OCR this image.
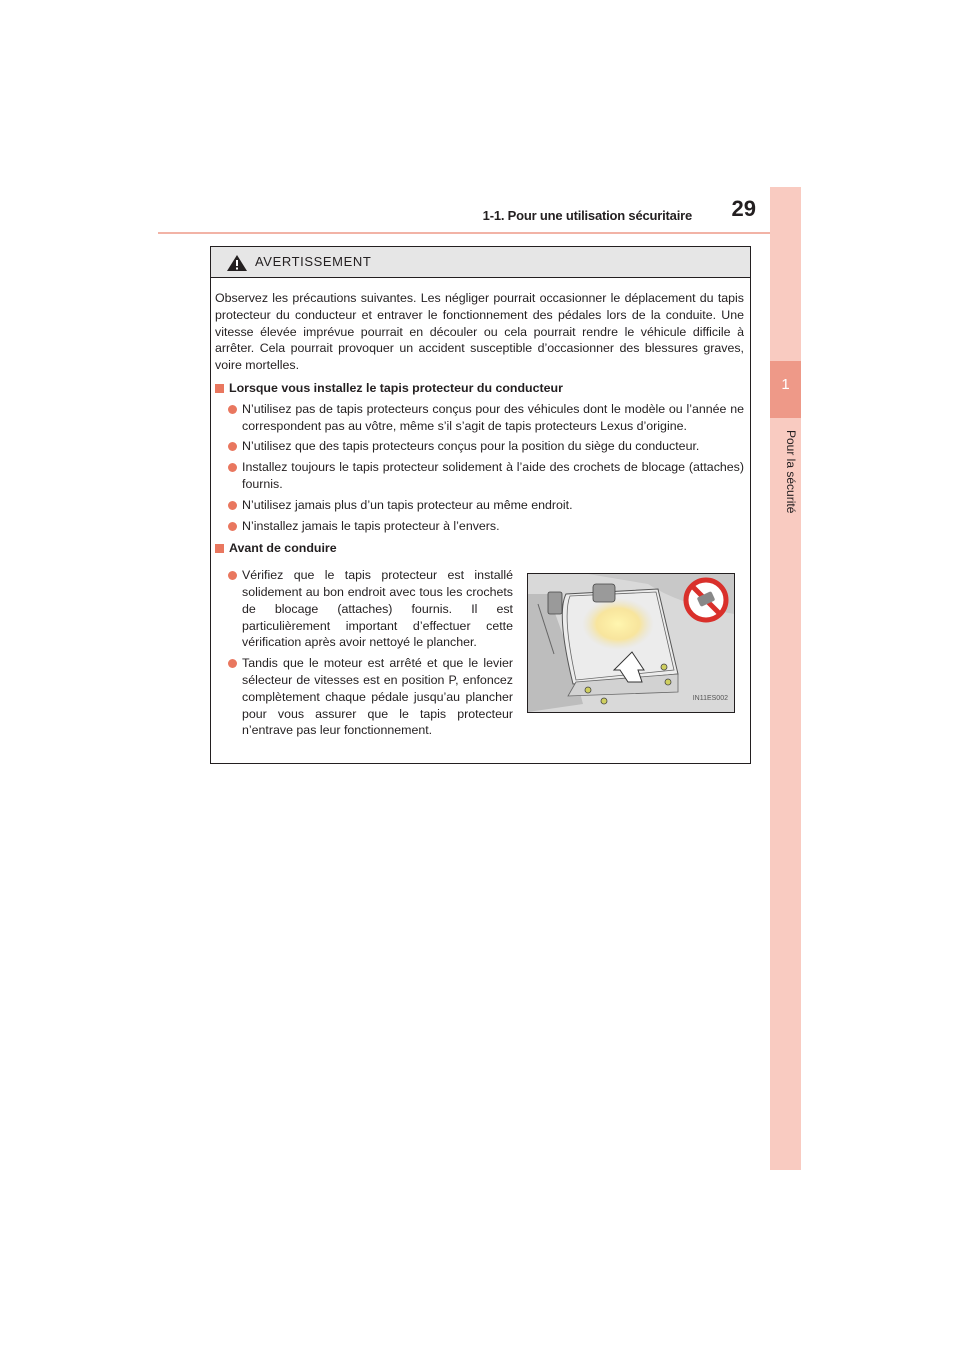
1-1. Pour une utilisation sécuritaire	29
1
Pour la sécurité
AVERTISSEMENT

Observez les précautions suivantes. Les négliger pourrait occasionner le déplacement du tapis protecteur du conducteur et entraver le fonctionnement des pédales lors de la conduite. Une vitesse élevée imprévue pourrait en découler ou cela pourrait rendre le véhicule difficile à arrêter. Cela pourrait provoquer un accident susceptible d’occasionner des blessures graves, voire mortelles.

Lorsque vous installez le tapis protecteur du conducteur
N’utilisez pas de tapis protecteurs conçus pour des véhicules dont le modèle ou l’année ne correspondent pas au vôtre, même s’il s’agit de tapis protecteurs Lexus d’origine.
N’utilisez que des tapis protecteurs conçus pour la position du siège du conducteur.
Installez toujours le tapis protecteur solidement à l’aide des crochets de blocage (attaches) fournis.
N’utilisez jamais plus d’un tapis protecteur au même endroit.
N’installez jamais le tapis protecteur à l’envers.
Avant de conduire
Vérifiez que le tapis protecteur est installé solidement au bon endroit avec tous les crochets de blocage (attaches) fournis. Il est particulièrement important d’effectuer cette vérification après avoir nettoyé le plancher.
Tandis que le moteur est arrêté et que le levier sélecteur de vitesses est en position P, enfoncez complètement chaque pédale jusqu’au plancher pour vous assurer que le tapis protecteur n’entrave pas leur fonctionnement.
IN11ES002
